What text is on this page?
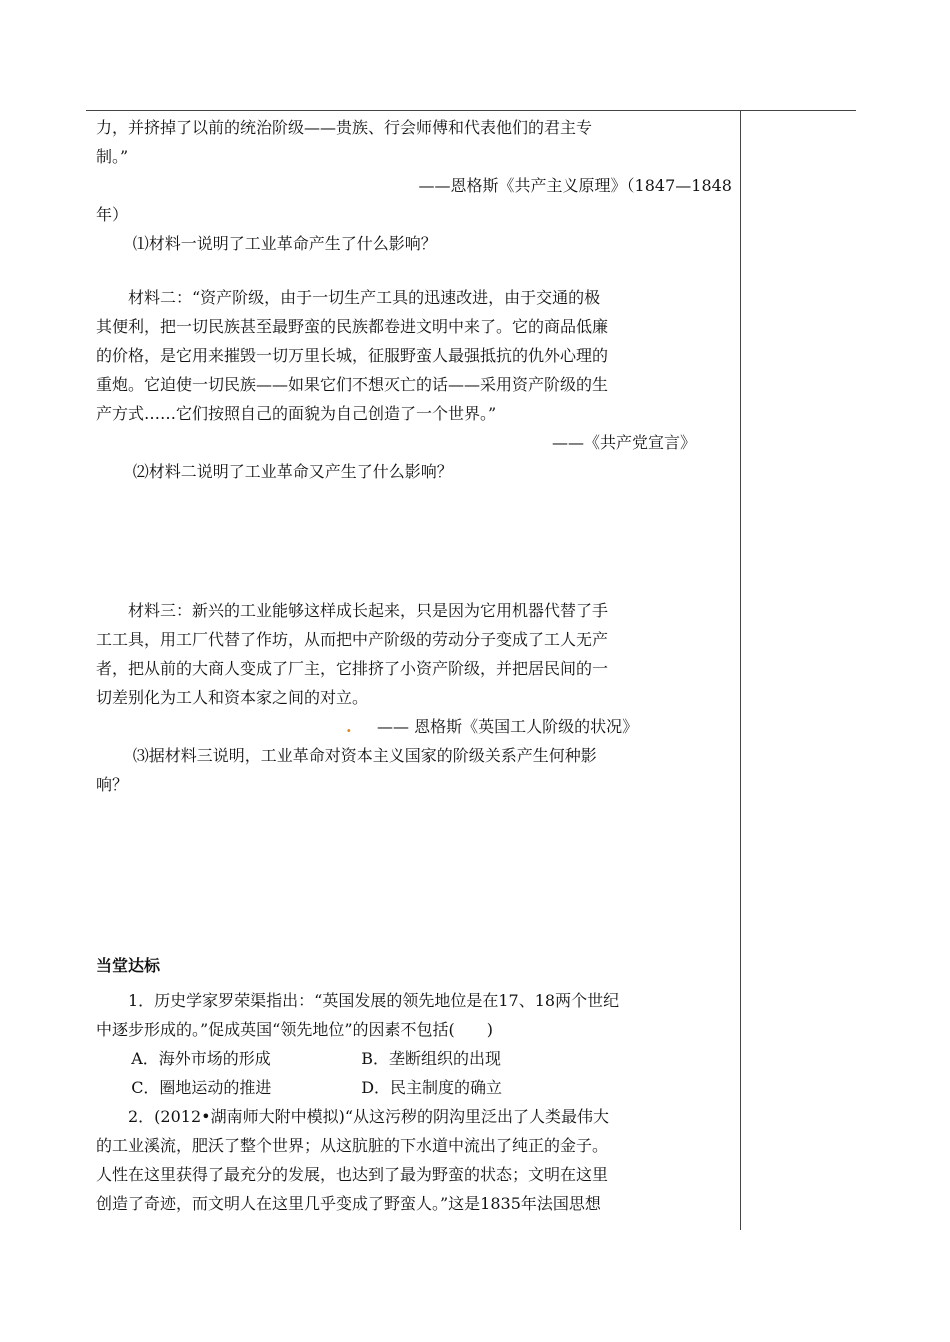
力，并挤掉了以前的统治阶级——贵族、行会师傅和代表他们的君主专

制。”

——恩格斯《共产主义原理》（1847—1848

年）

⑴材料一说明了工业革命产生了什么影响？

材料二：“资产阶级，由于一切生产工具的迅速改进，由于交通的极

其便利，把一切民族甚至最野蛮的民族都卷进文明中来了。它的商品低廉

的价格，是它用来摧毁一切万里长城，征服野蛮人最强抵抗的仇外心理的

重炮。它迫使一切民族——如果它们不想灭亡的话——采用资产阶级的生

产方式……它们按照自己的面貌为自己创造了一个世界。”

——《共产党宣言》

⑵材料二说明了工业革命又产生了什么影响？

材料三：新兴的工业能够这样成长起来，只是因为它用机器代替了手

工工具，用工厂代替了作坊，从而把中产阶级的劳动分子变成了工人无产

者，把从前的大商人变成了厂主，它排挤了小资产阶级，并把居民间的一

切差别化为工人和资本家之间的对立。

. —— 恩格斯《英国工人阶级的状况》

⑶据材料三说明，工业革命对资本主义国家的阶级关系产生何种影

响？

当堂达标

1．历史学家罗荣渠指出：“英国发展的领先地位是在17、18两个世纪

中逐步形成的。”促成英国“领先地位”的因素不包括(　　)

A．海外市场的形成	B．垄断组织的出现
C．圈地运动的推进	D．民主制度的确立

2．(2012•湖南师大附中模拟)“从这污秽的阴沟里泛出了人类最伟大

的工业溪流，肥沃了整个世界；从这肮脏的下水道中流出了纯正的金子。

人性在这里获得了最充分的发展，也达到了最为野蛮的状态；文明在这里

创造了奇迹，而文明人在这里几乎变成了野蛮人。”这是1835年法国思想
